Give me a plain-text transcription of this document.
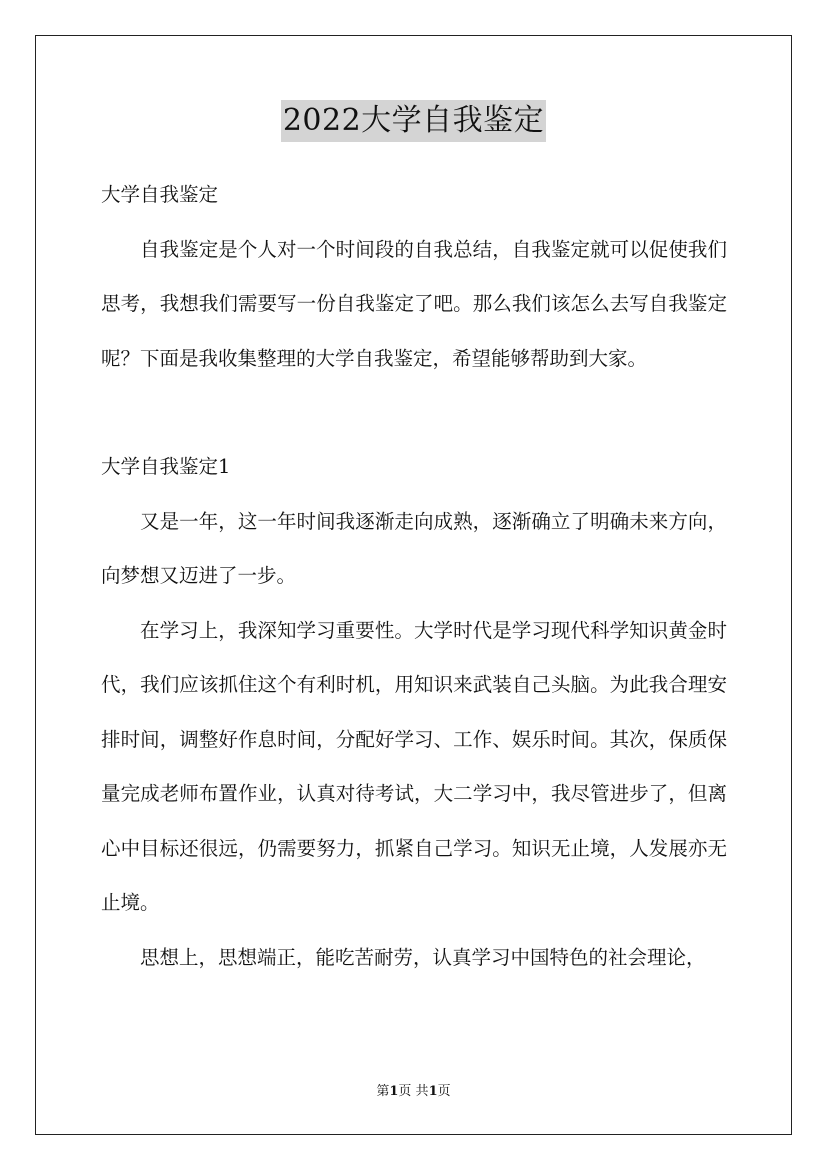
2022大学自我鉴定

大学自我鉴定

自我鉴定是个人对一个时间段的自我总结，自我鉴定就可以促使我们思考，我想我们需要写一份自我鉴定了吧。那么我们该怎么去写自我鉴定呢？下面是我收集整理的大学自我鉴定，希望能够帮助到大家。

大学自我鉴定1

又是一年，这一年时间我逐渐走向成熟，逐渐确立了明确未来方向，向梦想又迈进了一步。

在学习上，我深知学习重要性。大学时代是学习现代科学知识黄金时代，我们应该抓住这个有利时机，用知识来武装自己头脑。为此我合理安排时间，调整好作息时间，分配好学习、工作、娱乐时间。其次，保质保量完成老师布置作业，认真对待考试，大二学习中，我尽管进步了，但离心中目标还很远，仍需要努力，抓紧自己学习。知识无止境，人发展亦无止境。

思想上，思想端正，能吃苦耐劳，认真学习中国特色的社会理论，

第1页 共1页
